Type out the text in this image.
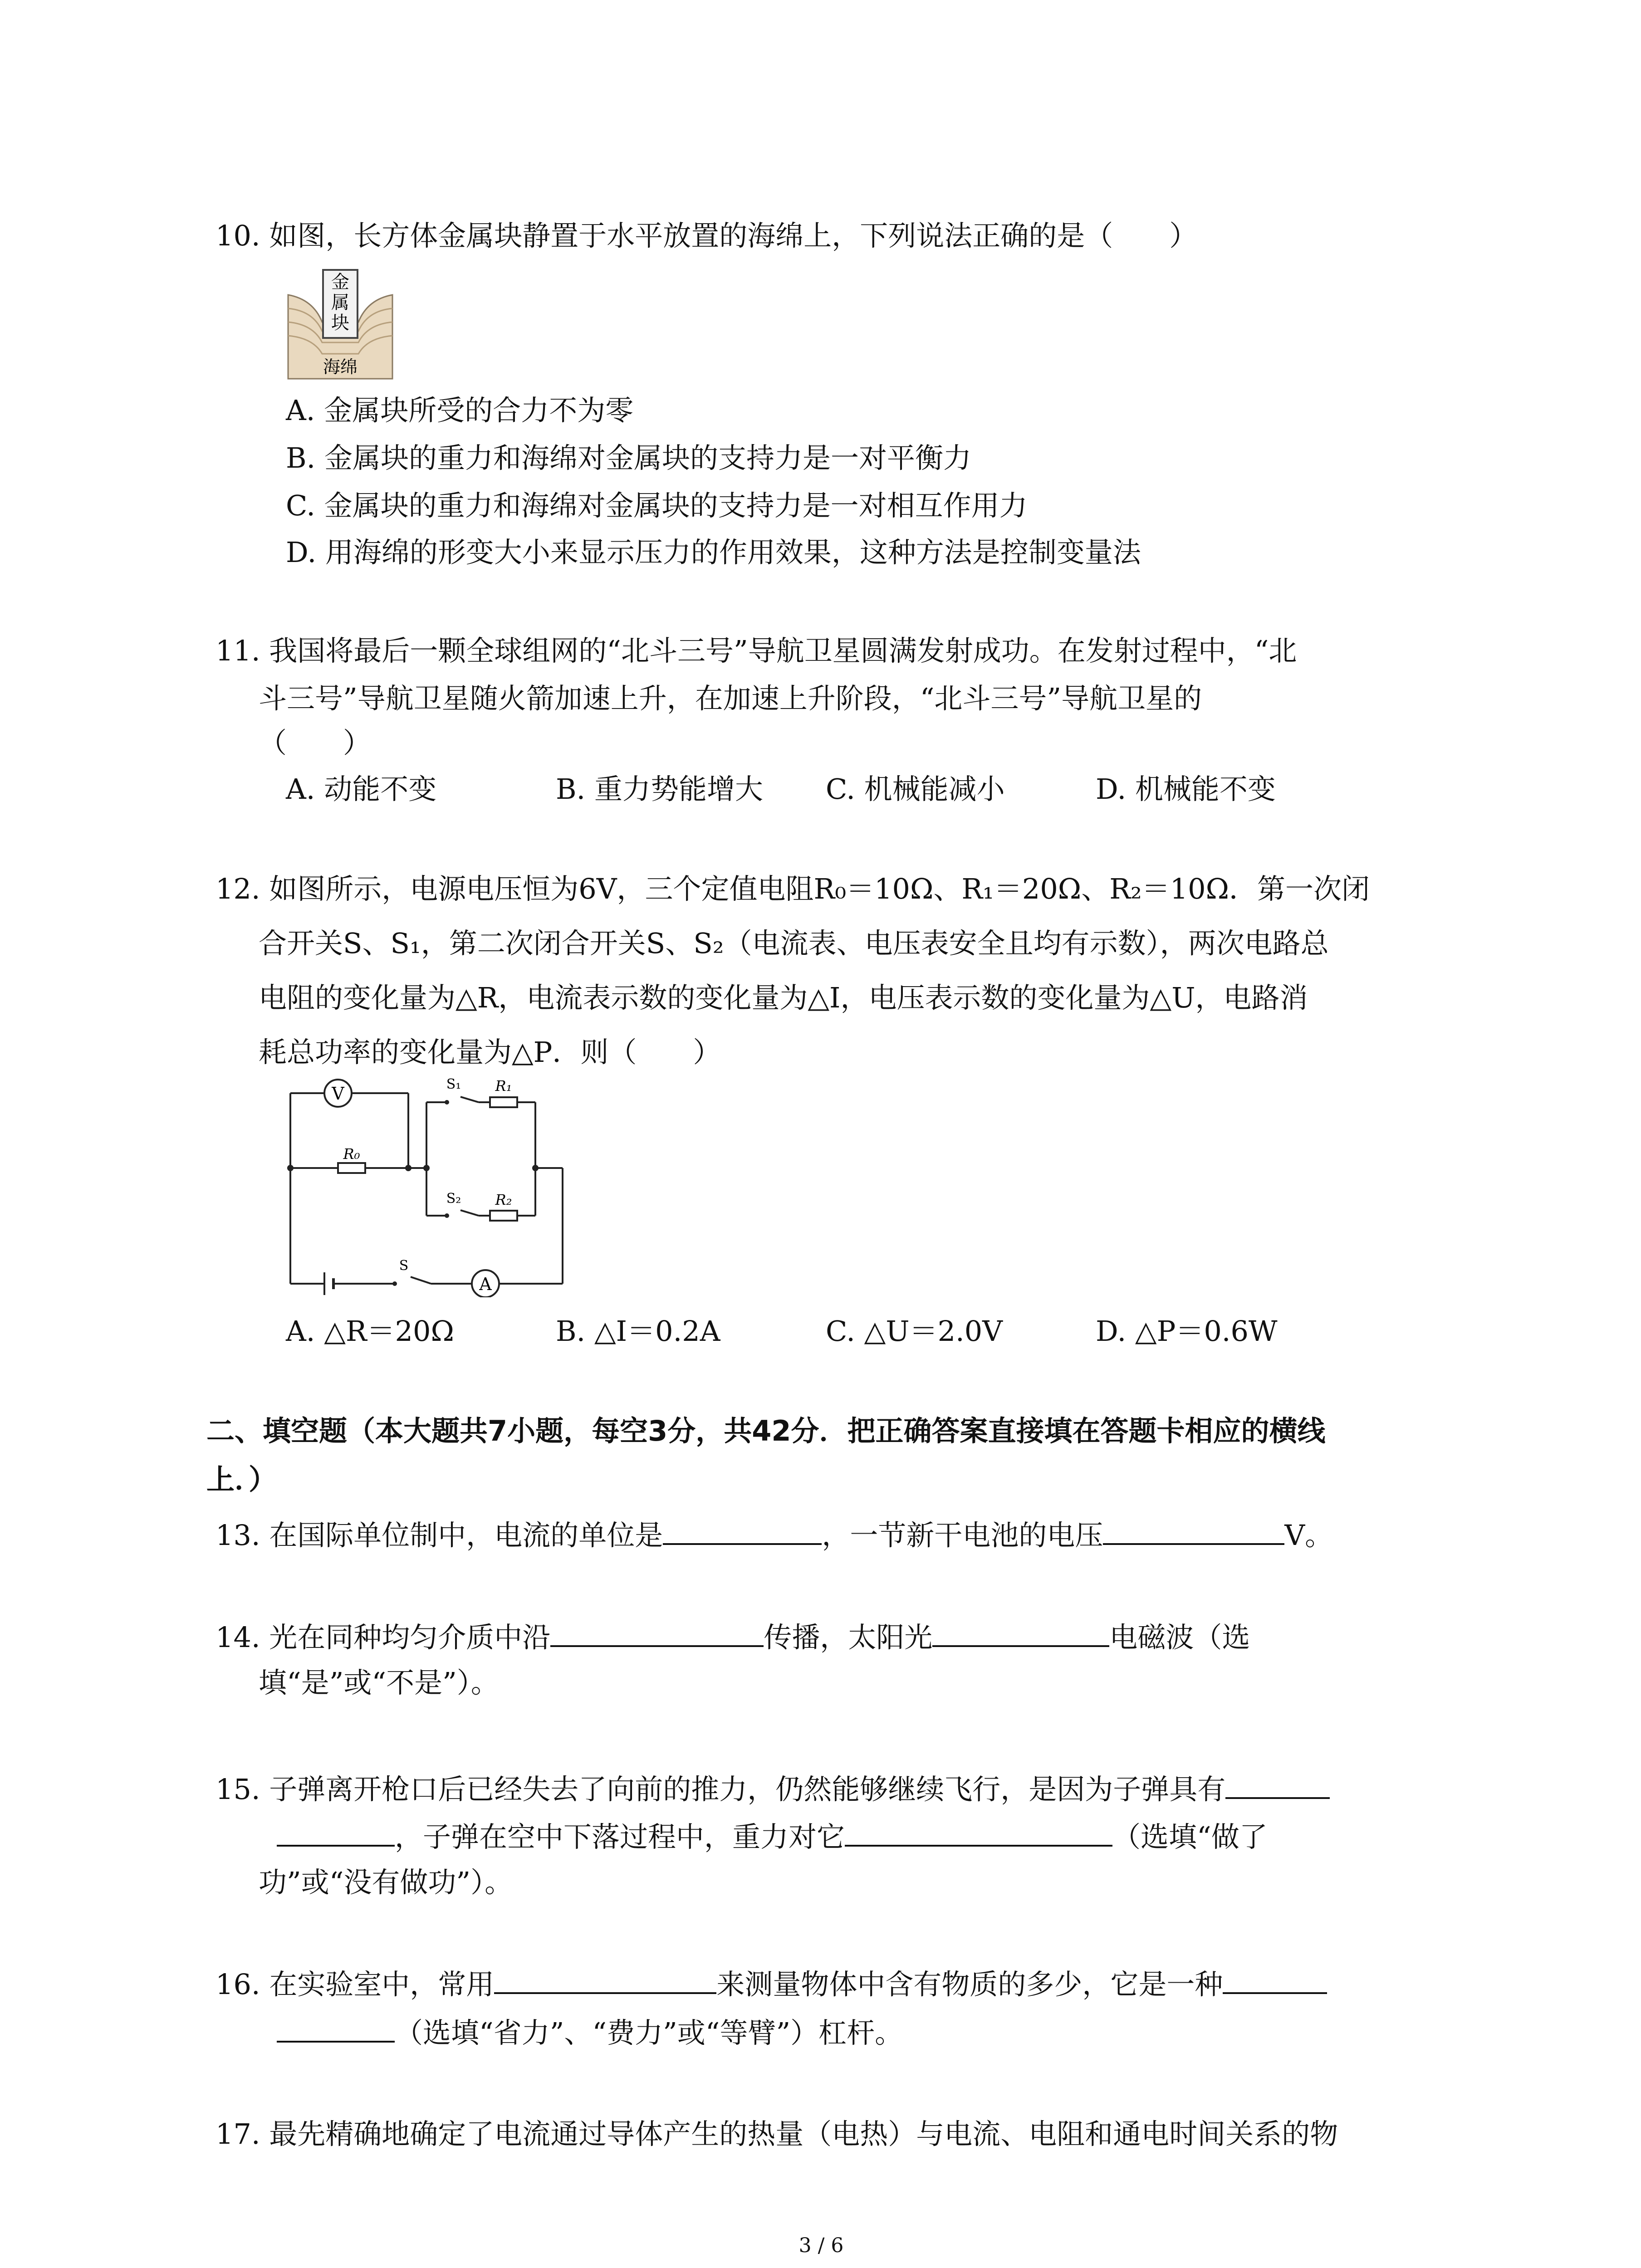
10. 如图，长方体金属块静置于水平放置的海绵上，下列说法正确的是（　　）
金
属
块
海绵
A. 金属块所受的合力不为零
B. 金属块的重力和海绵对金属块的支持力是一对平衡力
C. 金属块的重力和海绵对金属块的支持力是一对相互作用力
D. 用海绵的形变大小来显示压力的作用效果，这种方法是控制变量法
11. 我国将最后一颗全球组网的“北斗三号”导航卫星圆满发射成功。在发射过程中，“北
斗三号”导航卫星随火箭加速上升，在加速上升阶段，“北斗三号”导航卫星的
（　　）
A. 动能不变	B. 重力势能增大 C. 机械能减小	D. 机械能不变
12. 如图所示，电源电压恒为6V，三个定值电阻R₀＝10Ω、R₁＝20Ω、R₂＝10Ω．第一次闭
合开关S、S₁，第二次闭合开关S、S₂（电流表、电压表安全且均有示数），两次电路总
电阻的变化量为△R，电流表示数的变化量为△I，电压表示数的变化量为△U，电路消
耗总功率的变化量为△P．则（　　）
V
A
R₀
R₁
R₂
S₁
S₂
S
A. △R＝20Ω	B. △I＝0.2A	C. △U＝2.0V	D. △P＝0.6W
二、填空题（本大题共7小题，每空3分，共42分．把正确答案直接填在答题卡相应的横线
上．）
13. 在国际单位制中，电流的单位是	，一节新干电池的电压	V。
14. 光在同种均匀介质中沿	传播，太阳光	电磁波（选
填“是”或“不是”）。
15. 子弹离开枪口后已经失去了向前的推力，仍然能够继续飞行，是因为子弹具有
，子弹在空中下落过程中，重力对它	（选填“做了
功”或“没有做功”）。
16. 在实验室中，常用	来测量物体中含有物质的多少，它是一种
（选填“省力”、“费力”或“等臂”）杠杆。
17. 最先精确地确定了电流通过导体产生的热量（电热）与电流、电阻和通电时间关系的物
3 / 6
